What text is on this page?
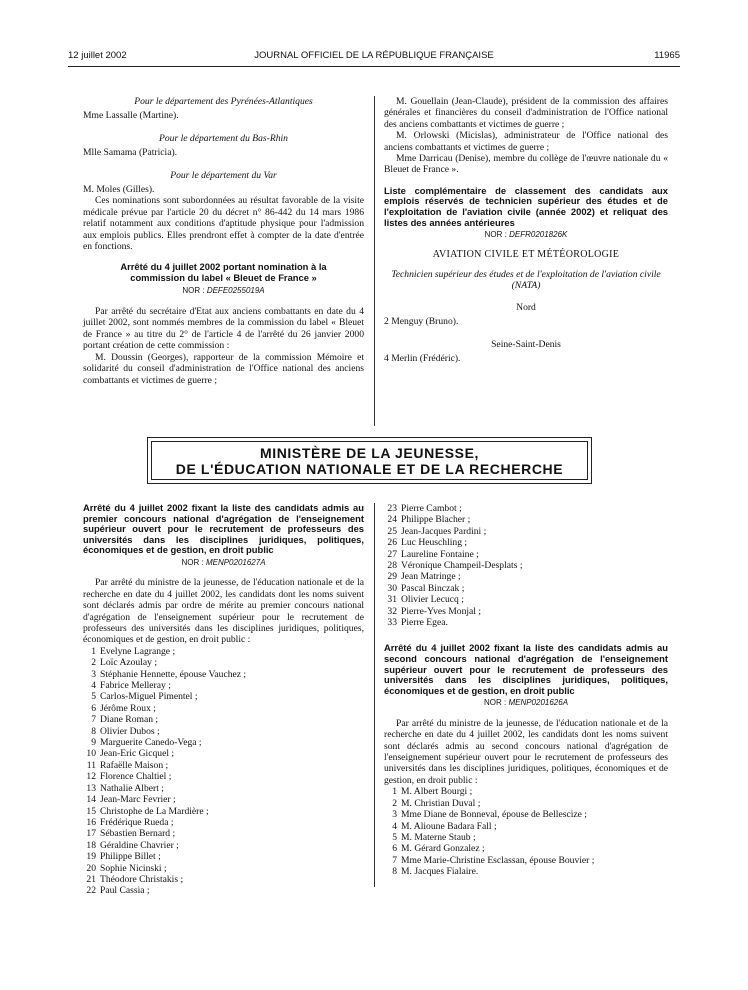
12 juillet 2002	JOURNAL OFFICIEL DE LA RÉPUBLIQUE FRANÇAISE	11965

Pour le département des Pyrénées-Atlantiques

Mme Lassalle (Martine).

Pour le département du Bas-Rhin

Mlle Samama (Patricia).

Pour le département du Var

M. Moles (Gilles).

Ces nominations sont subordonnées au résultat favorable de la visite médicale prévue par l'article 20 du décret n° 86-442 du 14 mars 1986 relatif notamment aux conditions d'aptitude physique pour l'admission aux emplois publics. Elles prendront effet à compter de la date d'entrée en fonctions.

Arrêté du 4 juillet 2002 portant nomination à la commission du label « Bleuet de France »

NOR : DEFE0255019A

Par arrêté du secrétaire d'Etat aux anciens combattants en date du 4 juillet 2002, sont nommés membres de la commission du label « Bleuet de France » au titre du 2° de l'article 4 de l'arrêté du 26 janvier 2000 portant création de cette commission :

M. Doussin (Georges), rapporteur de la commission Mémoire et solidarité du conseil d'administration de l'Office national des anciens combattants et victimes de guerre ;

M. Gouellain (Jean-Claude), président de la commission des affaires générales et financières du conseil d'administration de l'Office national des anciens combattants et victimes de guerre ;

M. Orlowski (Micislas), administrateur de l'Office national des anciens combattants et victimes de guerre ;

Mme Darricau (Denise), membre du collège de l'œuvre nationale du « Bleuet de France ».

Liste complémentaire de classement des candidats aux emplois réservés de technicien supérieur des études et de l'exploitation de l'aviation civile (année 2002) et reliquat des listes des années antérieures

NOR : DEFR0201826K

AVIATION CIVILE ET MÉTÉOROLOGIE

Technicien supérieur des études et de l'exploitation de l'aviation civile (NATA)

Nord

2 Menguy (Bruno).

Seine-Saint-Denis

4 Merlin (Frédéric).

MINISTÈRE DE LA JEUNESSE,
DE L'ÉDUCATION NATIONALE ET DE LA RECHERCHE

Arrêté du 4 juillet 2002 fixant la liste des candidats admis au premier concours national d'agrégation de l'enseignement supérieur ouvert pour le recrutement de professeurs des universités dans les disciplines juridiques, politiques, économiques et de gestion, en droit public

NOR : MENP0201627A

Par arrêté du ministre de la jeunesse, de l'éducation nationale et de la recherche en date du 4 juillet 2002, les candidats dont les noms suivent sont déclarés admis par ordre de mérite au premier concours national d'agrégation de l'enseignement supérieur pour le recrutement de professeurs des universités dans les disciplines juridiques, politiques, économiques et de gestion, en droit public :

1 Evelyne Lagrange ;
2 Loïc Azoulay ;
3 Stéphanie Hennette, épouse Vauchez ;
4 Fabrice Melleray ;
5 Carlos-Miguel Pimentel ;
6 Jérôme Roux ;
7 Diane Roman ;
8 Olivier Dubos ;
9 Marguerite Canedo-Vega ;
10 Jean-Eric Gicquel ;
11 Rafaëlle Maison ;
12 Florence Chaltiel ;
13 Nathalie Albert ;
14 Jean-Marc Fevrier ;
15 Christophe de La Mardière ;
16 Frédérique Rueda ;
17 Sébastien Bernard ;
18 Géraldine Chavrier ;
19 Philippe Billet ;
20 Sophie Nicinski ;
21 Théodore Christakis ;
22 Paul Cassia ;
23 Pierre Cambot ;
24 Philippe Blacher ;
25 Jean-Jacques Pardini ;
26 Luc Heuschling ;
27 Laureline Fontaine ;
28 Véronique Champeil-Desplats ;
29 Jean Matringe ;
30 Pascal Binczak ;
31 Olivier Lecucq ;
32 Pierre-Yves Monjal ;
33 Pierre Egea.

Arrêté du 4 juillet 2002 fixant la liste des candidats admis au second concours national d'agrégation de l'enseignement supérieur ouvert pour le recrutement de professeurs des universités dans les disciplines juridiques, politiques, économiques et de gestion, en droit public

NOR : MENP0201626A

Par arrêté du ministre de la jeunesse, de l'éducation nationale et de la recherche en date du 4 juillet 2002, les candidats dont les noms suivent sont déclarés admis au second concours national d'agrégation de l'enseignement supérieur ouvert pour le recrutement de professeurs des universités dans les disciplines juridiques, politiques, économiques et de gestion, en droit public :

1 M. Albert Bourgi ;
2 M. Christian Duval ;
3 Mme Diane de Bonneval, épouse de Bellescize ;
4 M. Alioune Badara Fall ;
5 M. Materne Staub ;
6 M. Gérard Gonzalez ;
7 Mme Marie-Christine Esclassan, épouse Bouvier ;
8 M. Jacques Fialaire.
